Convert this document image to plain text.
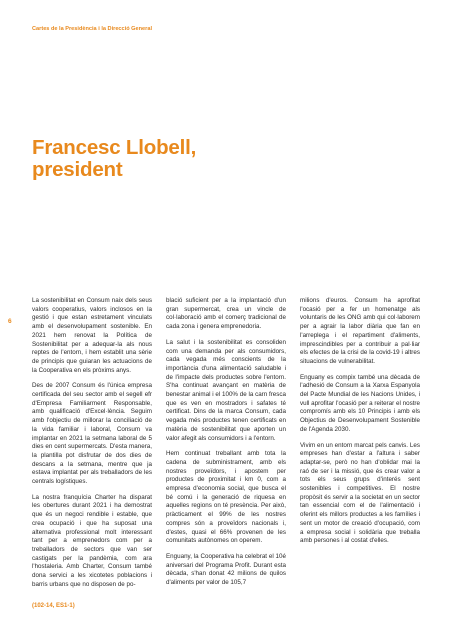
Cartes de la Presidència i la Direcció General
Francesc Llobell,
president
6

La sostenibilitat en Consum naix dels seus valors cooperatius, valors inclosos en la gestió i que estan estretament vinculats amb el desenvolupament sostenible. En 2021 hem renovat la Política de Sostenibilitat per a adequar-la als nous reptes de l'entorn, i hem establit una sèrie de principis que guiaran les actuacions de la Cooperativa en els pròxims anys.

Des de 2007 Consum és l'única empresa certificada del seu sector amb el segell efr d'Empresa Familiarment Responsable, amb qualificació d'Excel·lència. Seguim amb l'objectiu de millorar la conciliació de la vida familiar i laboral, Consum va implantar en 2021 la setmana laboral de 5 dies en cent supermercats. D'esta manera, la plantilla pot disfrutar de dos dies de descans a la setmana, mentre que ja estava implantat per als treballadors de les centrals logístiques.

La nostra franquícia Charter ha disparat les obertures durant 2021 i ha demostrat que és un negoci rendible i estable, que crea ocupació i que ha suposat una alternativa professional molt interessant tant per a emprenedors com per a treballadors de sectors que van ser castigats per la pandèmia, com ara l'hostaleria. Amb Charter, Consum també dona servici a les xicotetes poblacions i barris urbans que no disposen de po-

blació suficient per a la implantació d'un gran supermercat, crea un vincle de col·laboració amb el comerç tradicional de cada zona i genera emprenedoria.

La salut i la sostenibilitat es consoliden com una demanda per als consumidors, cada vegada més conscients de la importància d'una alimentació saludable i de l'impacte dels productes sobre l'entorn. S'ha continuat avançant en matèria de benestar animal i el 100% de la carn fresca que es ven en mostradors i safates té certificat. Dins de la marca Consum, cada vegada més productes tenen certificats en matèria de sostenibilitat que aporten un valor afegit als consumidors i a l'entorn.

Hem continuat treballant amb tota la cadena de subministrament, amb els nostres proveïdors, i apostem per productes de proximitat i km 0, com a empresa d'economia social, que busca el bé comú i la generació de riquesa en aquelles regions on té presència. Per això, pràcticament el 99% de les nostres compres són a proveïdors nacionals i, d'estes, quasi el 66% provenen de les comunitats autònomes on operem.

Enguany, la Cooperativa ha celebrat el 10é aniversari del Programa Profit. Durant esta dècada, s'han donat 42 milions de quilos d'aliments per valor de 105,7

milions d'euros. Consum ha aprofitat l'ocasió per a fer un homenatge als voluntaris de les ONG amb qui col·laborem per a agrair la labor diària que fan en l'arreplega i el repartiment d'aliments, imprescindibles per a contribuir a pal·liar els efectes de la crisi de la covid-19 i altres situacions de vulnerabilitat.

Enguany es compix també una dècada de l'adhesió de Consum a la Xarxa Espanyola del Pacte Mundial de les Nacions Unides, i vull aprofitar l'ocasió per a reiterar el nostre compromís amb els 10 Principis i amb els Objectius de Desenvolupament Sostenible de l'Agenda 2030.

Vivim en un entorn marcat pels canvis. Les empreses han d'estar a l'altura i saber adaptar-se, però no han d'oblidar mai la raó de ser i la missió, que és crear valor a tots els seus grups d'interés sent sostenibles i competitives. El nostre propòsit és servir a la societat en un sector tan essencial com el de l'alimentació i oferint els millors productes a les famílies i sent un motor de creació d'ocupació, com a empresa social i solidària que treballa amb persones i al costat d'elles.

(102-14, ES1-1)
